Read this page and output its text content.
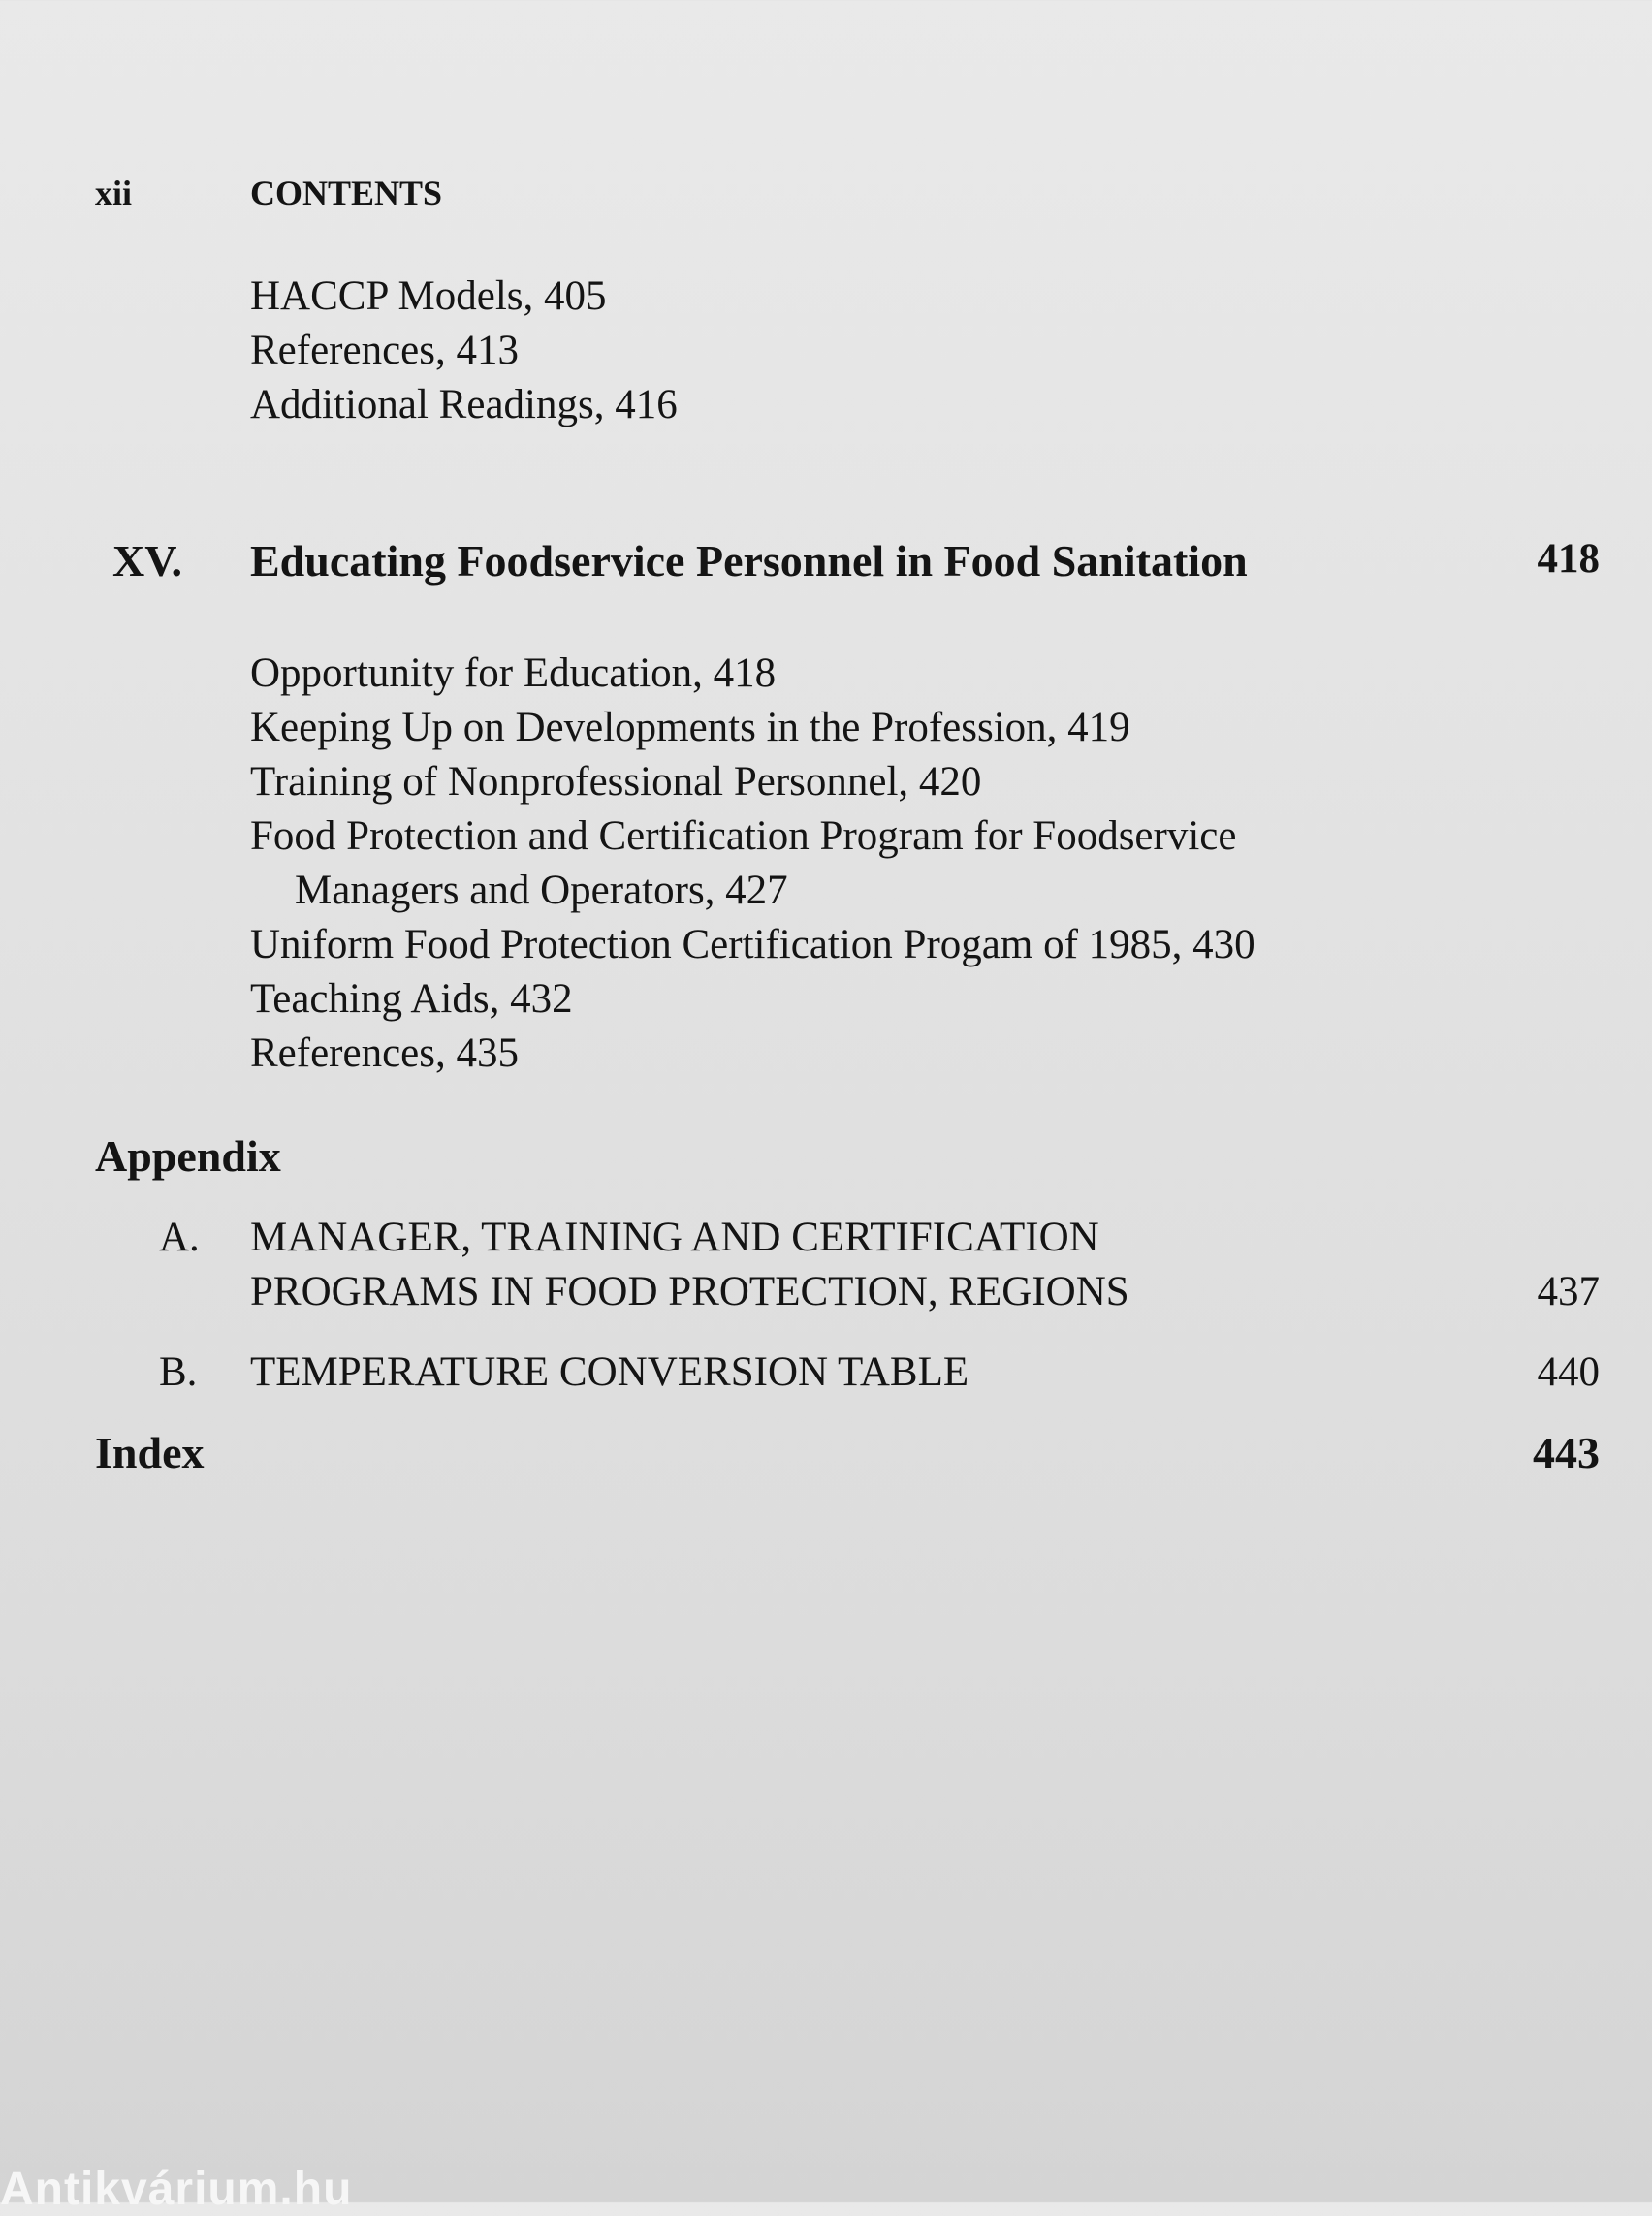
xii	CONTENTS
HACCP Models, 405
References, 413
Additional Readings, 416
XV. Educating Foodservice Personnel in Food Sanitation	418
Opportunity for Education, 418
Keeping Up on Developments in the Profession, 419
Training of Nonprofessional Personnel, 420
Food Protection and Certification Program for Foodservice
Managers and Operators, 427
Uniform Food Protection Certification Progam of 1985, 430
Teaching Aids, 432
References, 435
Appendix
A. MANAGER, TRAINING AND CERTIFICATION
PROGRAMS IN FOOD PROTECTION, REGIONS	437
B. TEMPERATURE CONVERSION TABLE	440
Index	443
Antikvárium.hu
